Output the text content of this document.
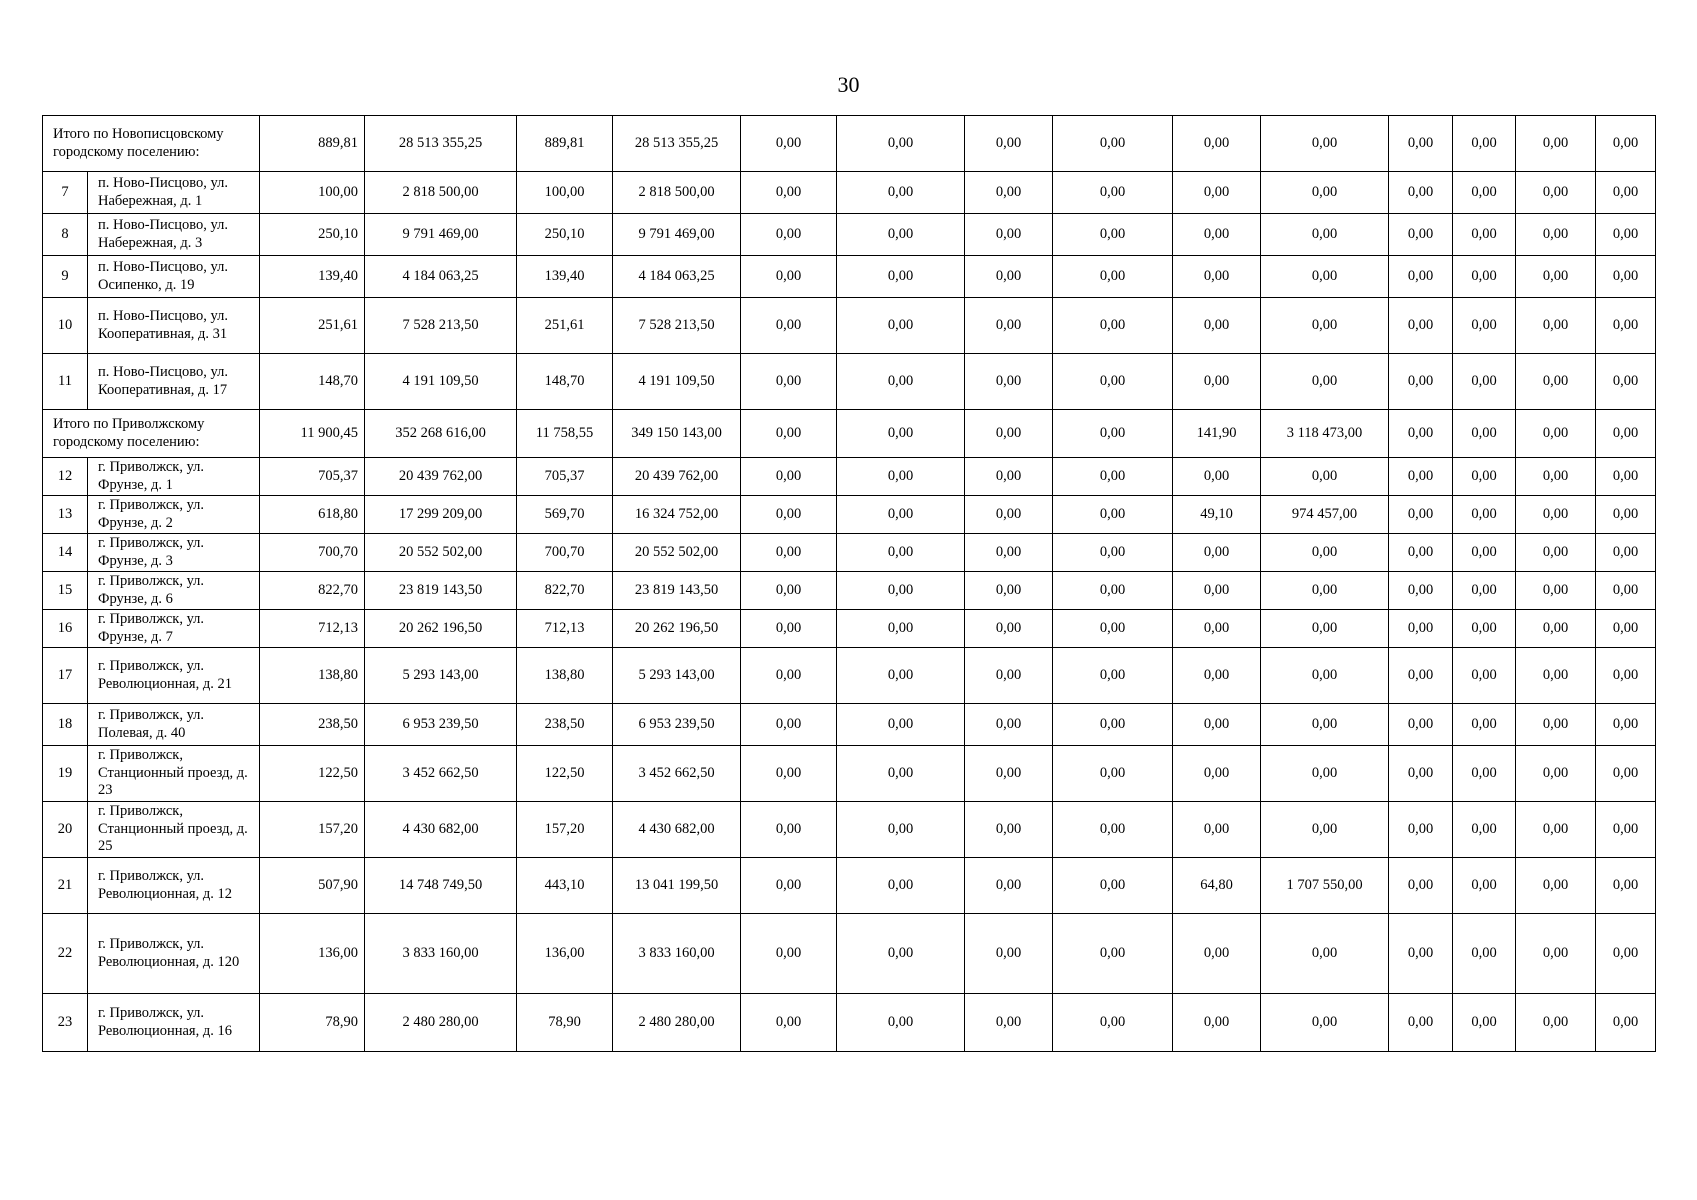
30
Итого по Новописцовскому городскому поселению:		889,81	28 513 355,25	889,81	28 513 355,25	0,00	0,00	0,00	0,00	0,00	0,00	0,00	0,00	0,00	0,00
7	п. Ново-Писцово, ул. Набережная, д. 1	100,00	2 818 500,00	100,00	2 818 500,00	0,00	0,00	0,00	0,00	0,00	0,00	0,00	0,00	0,00	0,00
8	п. Ново-Писцово, ул. Набережная, д. 3	250,10	9 791 469,00	250,10	9 791 469,00	0,00	0,00	0,00	0,00	0,00	0,00	0,00	0,00	0,00	0,00
9	п. Ново-Писцово, ул. Осипенко, д. 19	139,40	4 184 063,25	139,40	4 184 063,25	0,00	0,00	0,00	0,00	0,00	0,00	0,00	0,00	0,00	0,00
10	п. Ново-Писцово, ул. Кооперативная, д. 31	251,61	7 528 213,50	251,61	7 528 213,50	0,00	0,00	0,00	0,00	0,00	0,00	0,00	0,00	0,00	0,00
11	п. Ново-Писцово, ул. Кооперативная, д. 17	148,70	4 191 109,50	148,70	4 191 109,50	0,00	0,00	0,00	0,00	0,00	0,00	0,00	0,00	0,00	0,00
Итого по Приволжскому городскому поселению:		11 900,45	352 268 616,00	11 758,55	349 150 143,00	0,00	0,00	0,00	0,00	141,90	3 118 473,00	0,00	0,00	0,00	0,00
12	г. Приволжск, ул. Фрунзе, д. 1	705,37	20 439 762,00	705,37	20 439 762,00	0,00	0,00	0,00	0,00	0,00	0,00	0,00	0,00	0,00	0,00
13	г. Приволжск, ул. Фрунзе, д. 2	618,80	17 299 209,00	569,70	16 324 752,00	0,00	0,00	0,00	0,00	49,10	974 457,00	0,00	0,00	0,00	0,00
14	г. Приволжск, ул. Фрунзе, д. 3	700,70	20 552 502,00	700,70	20 552 502,00	0,00	0,00	0,00	0,00	0,00	0,00	0,00	0,00	0,00	0,00
15	г. Приволжск, ул. Фрунзе, д. 6	822,70	23 819 143,50	822,70	23 819 143,50	0,00	0,00	0,00	0,00	0,00	0,00	0,00	0,00	0,00	0,00
16	г. Приволжск, ул. Фрунзе, д. 7	712,13	20 262 196,50	712,13	20 262 196,50	0,00	0,00	0,00	0,00	0,00	0,00	0,00	0,00	0,00	0,00
17	г. Приволжск, ул. Революционная, д. 21	138,80	5 293 143,00	138,80	5 293 143,00	0,00	0,00	0,00	0,00	0,00	0,00	0,00	0,00	0,00	0,00
18	г. Приволжск, ул. Полевая, д. 40	238,50	6 953 239,50	238,50	6 953 239,50	0,00	0,00	0,00	0,00	0,00	0,00	0,00	0,00	0,00	0,00
19	г. Приволжск, Станционный проезд, д. 23	122,50	3 452 662,50	122,50	3 452 662,50	0,00	0,00	0,00	0,00	0,00	0,00	0,00	0,00	0,00	0,00
20	г. Приволжск, Станционный проезд, д. 25	157,20	4 430 682,00	157,20	4 430 682,00	0,00	0,00	0,00	0,00	0,00	0,00	0,00	0,00	0,00	0,00
21	г. Приволжск, ул. Революционная, д. 12	507,90	14 748 749,50	443,10	13 041 199,50	0,00	0,00	0,00	0,00	64,80	1 707 550,00	0,00	0,00	0,00	0,00
22	г. Приволжск, ул. Революционная, д. 120	136,00	3 833 160,00	136,00	3 833 160,00	0,00	0,00	0,00	0,00	0,00	0,00	0,00	0,00	0,00	0,00
23	г. Приволжск, ул. Революционная, д. 16	78,90	2 480 280,00	78,90	2 480 280,00	0,00	0,00	0,00	0,00	0,00	0,00	0,00	0,00	0,00	0,00
